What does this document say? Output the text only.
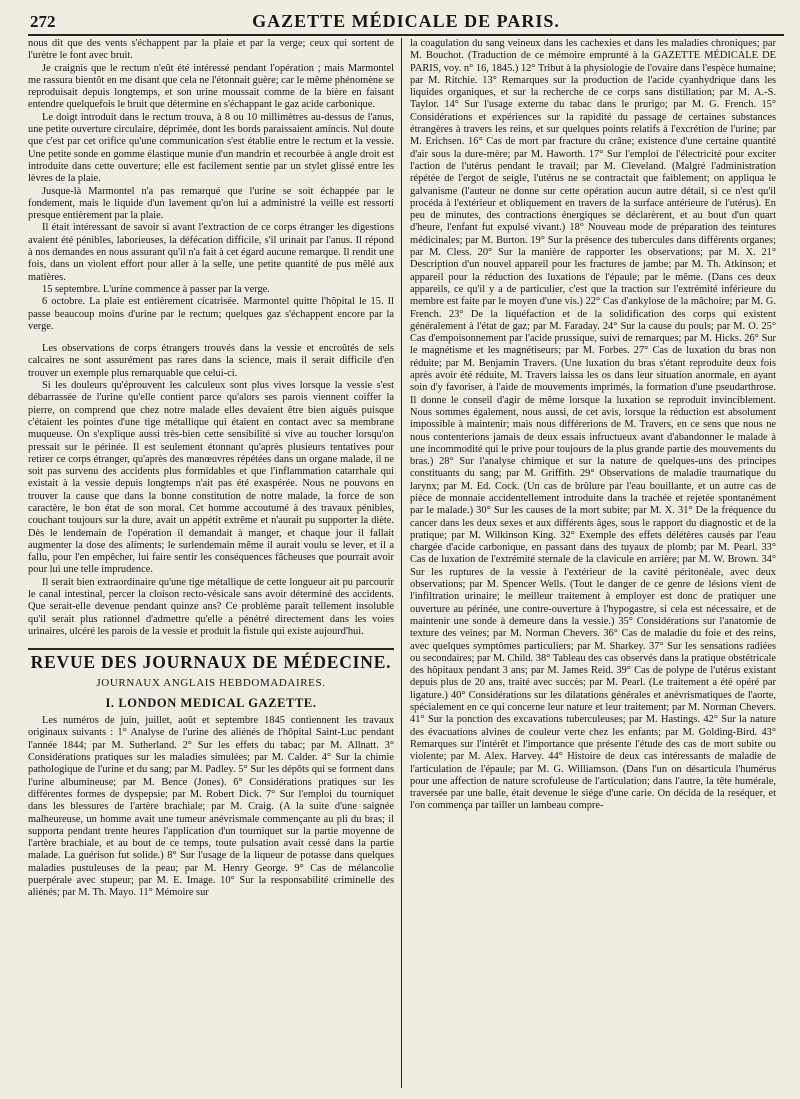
272	GAZETTE MÉDICALE DE PARIS.

nous dit que des vents s'échappent par la plaie et par la verge; ceux qui sortent de l'urètre le font avec bruit.

Je craignis que le rectum n'eût été intéressé pendant l'opération ; mais Marmontel me rassura bientôt en me disant que cela ne l'étonnait guère; car le même phénomène se reproduisait depuis longtemps, et son urine moussait comme de la bière en faisant entendre quelquefois le bruit que détermine en s'échappant le gaz acide carbonique.

Le doigt introduit dans le rectum trouva, à 8 ou 10 millimètres au-dessus de l'anus, une petite ouverture circulaire, déprimée, dont les bords paraissaient amincis. Nul doute que c'est par cet orifice qu'une communication s'est établie entre le rectum et la vessie. Une petite sonde en gomme élastique munie d'un mandrin et recourbée à angle droit est introduite dans cette ouverture; elle est facilement sentie par un stylet glissé entre les lèvres de la plaie.

Jusque-là Marmontel n'a pas remarqué que l'urine se soit échappée par le fondement, mais le liquide d'un lavement qu'on lui a administré la veille est ressorti presque entièrement par la plaie.

Il était intéressant de savoir si avant l'extraction de ce corps étranger les digestions avaient été pénibles, laborieuses, la défécation difficile, s'il urinait par l'anus. Il répond à nos demandes en nous assurant qu'il n'a fait à cet égard aucune remarque. Il rendit une fois, dans un violent effort pour aller à la selle, une petite quantité de pus mêlé aux matières.

15 septembre. L'urine commence à passer par la verge.

6 octobre. La plaie est entièrement cicatrisée. Marmontel quitte l'hôpital le 15. Il passe beaucoup moins d'urine par le rectum; quelques gaz s'échappent encore par la verge.

Les observations de corps étrangers trouvés dans la vessie et encroûtés de sels calcaires ne sont assurément pas rares dans la science, mais il serait difficile d'en trouver un exemple plus remarquable que celui-ci.

Si les douleurs qu'éprouvent les calculeux sont plus vives lorsque la vessie s'est débarrassée de l'urine qu'elle contient parce qu'alors ses parois viennent coiffer la pierre, on comprend que chez notre malade elles devaient être bien aiguës puisque c'étaient les pointes d'une tige métallique qui étaient en contact avec sa membrane muqueuse. On s'explique aussi très-bien cette sensibilité si vive au toucher lorsqu'on pressait sur le périnée. Il est seulement étonnant qu'après plusieurs tentatives pour retirer ce corps étranger, qu'après des manœuvres répétées dans un organe malade, il ne soit pas survenu des accidents plus formidables et que l'inflammation catarrhale qui existait à la vessie depuis longtemps n'ait pas été exaspérée. Nous ne pouvons en trouver la cause que dans la bonne constitution de notre malade, la force de son caractère, le bon état de son moral. Cet homme accoutumé à des travaux pénibles, couchant toujours sur la dure, avait un appétit extrême et n'aurait pu supporter la diète. Dès le lendemain de l'opération il demandait à manger, et chaque jour il fallait augmenter la dose des aliments; le surlendemain même il aurait voulu se lever, et il a fallu, pour l'en empêcher, lui faire sentir les conséquences fâcheuses que pourrait avoir pour lui une telle imprudence.

Il serait bien extraordinaire qu'une tige métallique de cette longueur ait pu parcourir le canal intestinal, percer la cloison recto-vésicale sans avoir déterminé des accidents. Que serait-elle devenue pendant quinze ans? Ce problème paraît tellement insoluble qu'il serait plus rationnel d'admettre qu'elle a pénétré directement dans les voies urinaires, ulcéré les parois de la vessie et produit la fistule qui existe aujourd'hui.

REVUE DES JOURNAUX DE MÉDECINE.
JOURNAUX ANGLAIS HEBDOMADAIRES.
I. LONDON MEDICAL GAZETTE.

Les numéros de juin, juillet, août et septembre 1845 contiennent les travaux originaux suivants : 1° Analyse de l'urine des aliénés de l'hôpital Saint-Luc pendant l'année 1844; par M. Sutherland. 2° Sur les effets du tabac; par M. Allnatt. 3° Considérations pratiques sur les maladies simulées; par M. Calder. 4° Sur la chimie pathologique de l'urine et du sang; par M. Padley. 5° Sur les dépôts qui se forment dans l'urine albumineuse; par M. Bence (Jones). 6° Considérations pratiques sur les différentes formes de dyspepsie; par M. Robert Dick. 7° Sur l'emploi du tourniquet dans les blessures de l'artère brachiale; par M. Craig. (A la suite d'une saignée malheureuse, un homme avait une tumeur anévrismale commençante au pli du bras; il supporta pendant trente heures l'application d'un tourniquet sur la partie moyenne de l'artère brachiale, et au bout de ce temps, toute pulsation avait cessé dans la partie malade. La guérison fut solide.) 8° Sur l'usage de la liqueur de potasse dans quelques maladies pustuleuses de la peau; par M. Henry George. 9° Cas de mélancolie puerpérale avec stupeur; par M. E. Image. 10° Sur la responsabilité criminelle des aliénés; par M. Th. Mayo. 11° Mémoire sur

la coagulation du sang veineux dans les cachexies et dans les maladies chroniques; par M. Bouchot. (Traduction de ce mémoire emprunté à la GAZETTE MÉDICALE DE PARIS, voy. n° 16, 1845.) 12° Tribut à la physiologie de l'ovaire dans l'espèce humaine; par M. Ritchie. 13° Remarques sur la production de l'acide cyanhydrique dans les liquides organiques, et sur la recherche de ce corps sans distillation; par M. A.-S. Taylor. 14° Sur l'usage externe du tabac dans le prurigo; par M. G. French. 15° Considérations et expériences sur la rapidité du passage de certaines substances étrangères à travers les reins, et sur quelques points relatifs à l'excrétion de l'urine; par M. Erichsen. 16° Cas de mort par fracture du crâne; existence d'une certaine quantité d'air sous la dure-mère; par M. Haworth. 17° Sur l'emploi de l'électricité pour exciter l'action de l'utérus pendant le travail; par M. Cleveland. (Malgré l'administration répétée de l'ergot de seigle, l'utérus ne se contractait que faiblement; on appliqua le galvanisme (l'auteur ne donne sur cette opération aucun autre détail, si ce n'est qu'il procéda à l'extérieur et obliquement en travers de la surface antérieure de l'utérus). En peu de minutes, des contractions énergiques se déclarèrent, et au bout d'un quart d'heure, l'enfant fut expulsé vivant.) 18° Nouveau mode de préparation des teintures médicinales; par M. Burton. 19° Sur la présence des tubercules dans différents organes; par M. Cless. 20° Sur la manière de rapporter les observations; par M. X. 21° Description d'un nouvel appareil pour les fractures de jambe; par M. Th. Atkinson; et appareil pour la réduction des luxations de l'épaule; par le même. (Dans ces deux appareils, ce qu'il y a de particulier, c'est que la traction sur l'extrémité inférieure du membre est faite par le moyen d'une vis.) 22° Cas d'ankylose de la mâchoire; par M. G. French. 23° De la liquéfaction et de la solidification des corps qui existent généralement à l'état de gaz; par M. Faraday. 24° Sur la cause du pouls; par M. O. 25° Cas d'empoisonnement par l'acide prussique, suivi de remarques; par M. Hicks. 26° Sur le magnétisme et les magnétiseurs; par M. Forbes. 27° Cas de luxation du bras non réduite; par M. Benjamin Travers. (Une luxation du bras s'étant reproduite deux fois après avoir été réduite, M. Travers laissa les os dans leur situation anormale, en ayant soin d'y favoriser, à l'aide de mouvements imprimés, la formation d'une pseudarthrose. Il donne le conseil d'agir de même lorsque la luxation se reproduit invinciblement. Nous sommes également, nous aussi, de cet avis, lorsque la réduction est absolument impossible à maintenir; mais nous différerions de M. Travers, en ce sens que nous ne nous contenterions jamais de deux essais infructueux avant d'abandonner le malade à une incommodité qui le prive pour toujours de la plus grande partie des mouvements du bras.) 28° Sur l'analyse chimique et sur la nature de quelques-uns des principes constituants du sang; par M. Griffith. 29° Observations de maladie traumatique du larynx; par M. Ed. Cock. (Un cas de brûlure par l'eau bouillante, et un autre cas de pièce de monnaie accidentellement introduite dans la trachée et rejetée spontanément par le malade.) 30° Sur les causes de la mort subite; par M. X. 31° De la fréquence du cancer dans les deux sexes et aux différents âges, sous le rapport du diagnostic et de la pratique; par M. Wilkinson King. 32° Exemple des effets délétères causés par l'eau chargée d'acide carbonique, en passant dans des tuyaux de plomb; par M. Pearl. 33° Cas de luxation de l'extrémité sternale de la clavicule en arrière; par M. W. Brown. 34° Sur les ruptures de la vessie à l'extérieur de la cavité péritonéale, avec deux observations; par M. Spencer Wells. (Tout le danger de ce genre de lésions vient de l'infiltration urinaire; le meilleur traitement à employer est donc de pratiquer une ouverture au périnée, une contre-ouverture à l'hypogastre, si cela est nécessaire, et de maintenir une sonde à demeure dans la vessie.) 35° Considérations sur l'anatomie de texture des veines; par M. Norman Chevers. 36° Cas de maladie du foie et des reins, avec quelques symptômes particuliers; par M. Sharkey. 37° Sur les sensations radiées ou secondaires; par M. Child. 38° Tableau des cas observés dans la pratique obstétricale des hôpitaux pendant 3 ans; par M. James Reid. 39° Cas de polype de l'utérus existant depuis plus de 20 ans, traité avec succès; par M. Pearl. (Le traitement a été opéré par ligature.) 40° Considérations sur les dilatations générales et anévrismatiques de l'aorte, spécialement en ce qui concerne leur nature et leur traitement; par M. Norman Chevers. 41° Sur la ponction des excavations tuberculeuses; par M. Hastings. 42° Sur la nature des évacuations alvines de couleur verte chez les enfants; par M. Golding-Bird. 43° Remarques sur l'intérêt et l'importance que présente l'étude des cas de mort subite ou violente; par M. Alex. Harvey. 44° Histoire de deux cas intéressants de maladie de l'articulation de l'épaule; par M. G. Williamson. (Dans l'un on désarticula l'humérus pour une affection de nature scrofuleuse de l'articulation; dans l'autre, la tête humérale, traversée par une balle, était devenue le siége d'une carie. On décida de la reséquer, et l'on commença par tailler un lambeau compre-
